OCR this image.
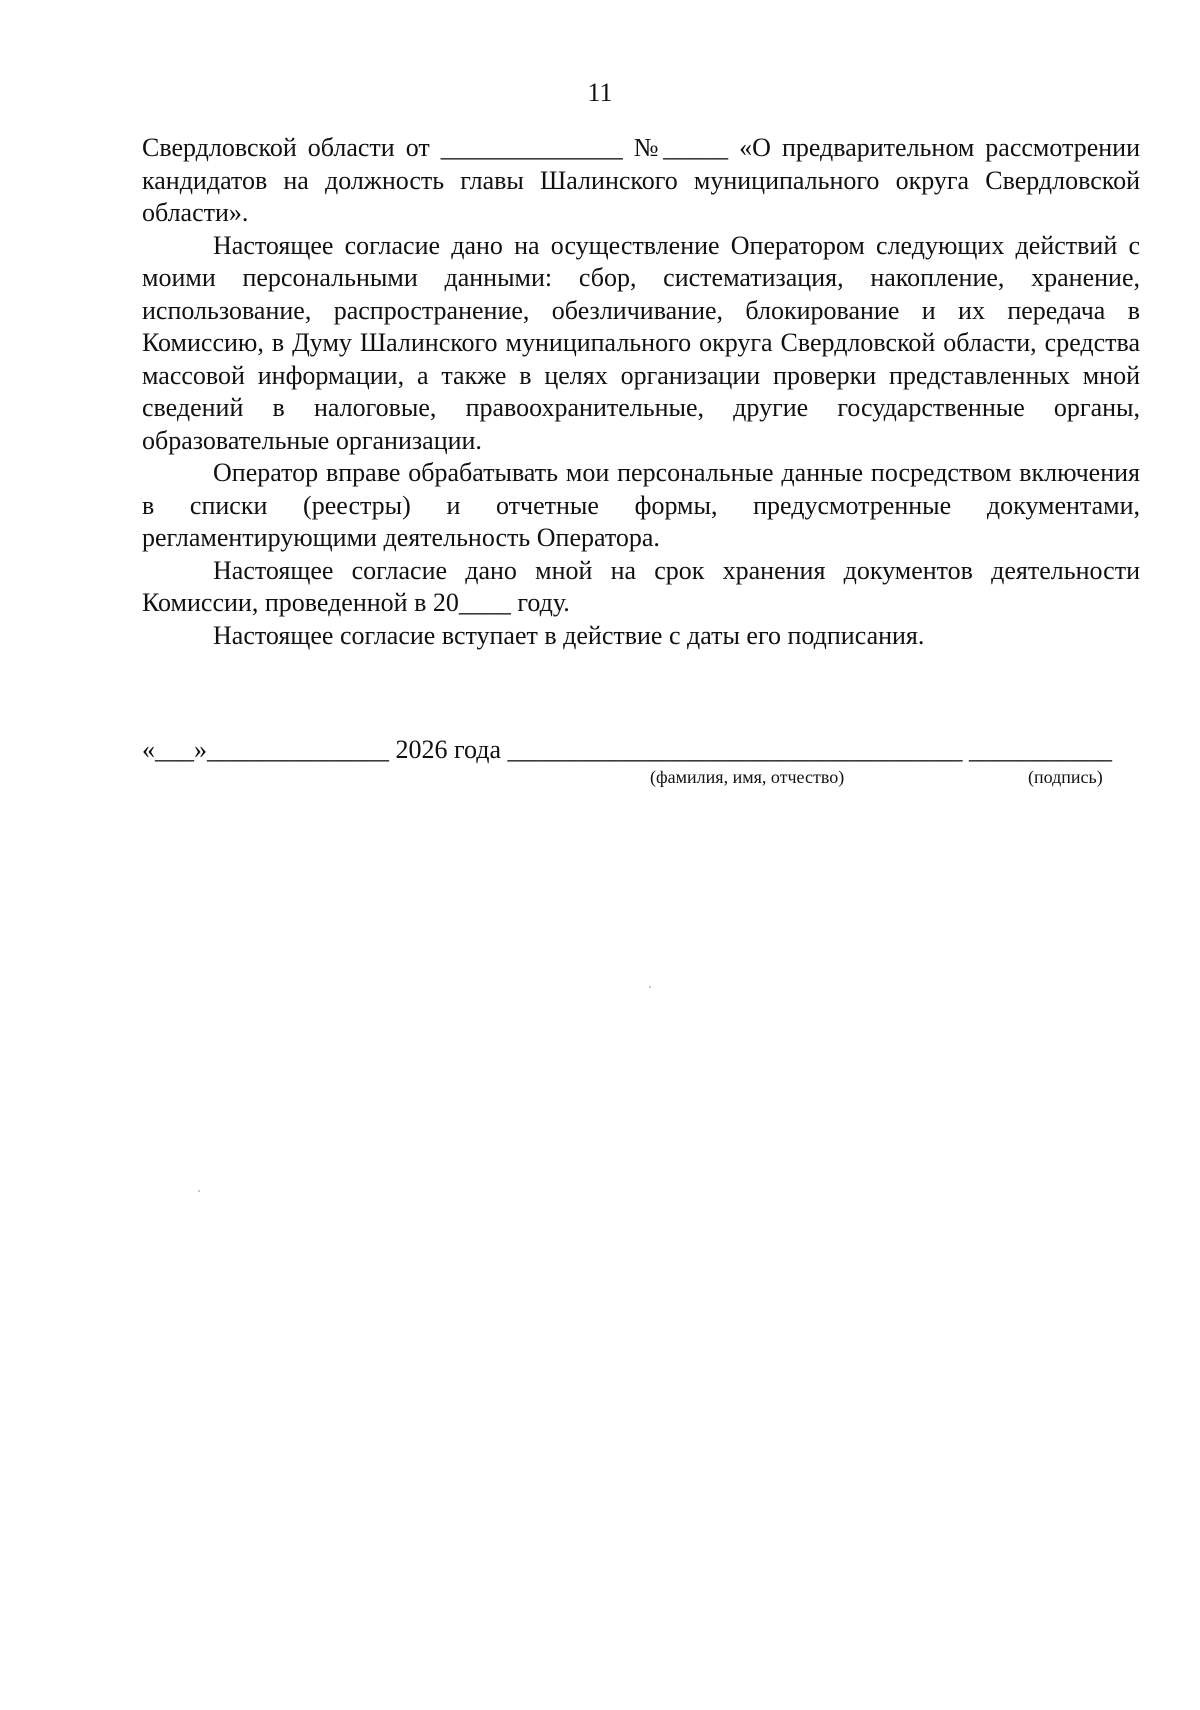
11

Свердловской области от ______________ №_____ «О предварительном рассмотрении кандидатов на должность главы Шалинского муниципального округа Свердловской области».

Настоящее согласие дано на осуществление Оператором следующих действий с моими персональными данными: сбор, систематизация, накопление, хранение, использование, распространение, обезличивание, блокирование и их передача в Комиссию, в Думу Шалинского муниципального округа Свердловской области, средства массовой информации, а также в целях организации проверки представленных мной сведений в налоговые, правоохранительные, другие государственные органы, образовательные организации.

Оператор вправе обрабатывать мои персональные данные посредством включения в списки (реестры) и отчетные формы, предусмотренные документами, регламентирующими деятельность Оператора.

Настоящее согласие дано мной на срок хранения документов деятельности Комиссии, проведенной в 20____ году.

Настоящее согласие вступает в действие с даты его подписания.

«___»______________ 2026 года ___________________________________ ___________
(фамилия, имя, отчество)	(подпись)
